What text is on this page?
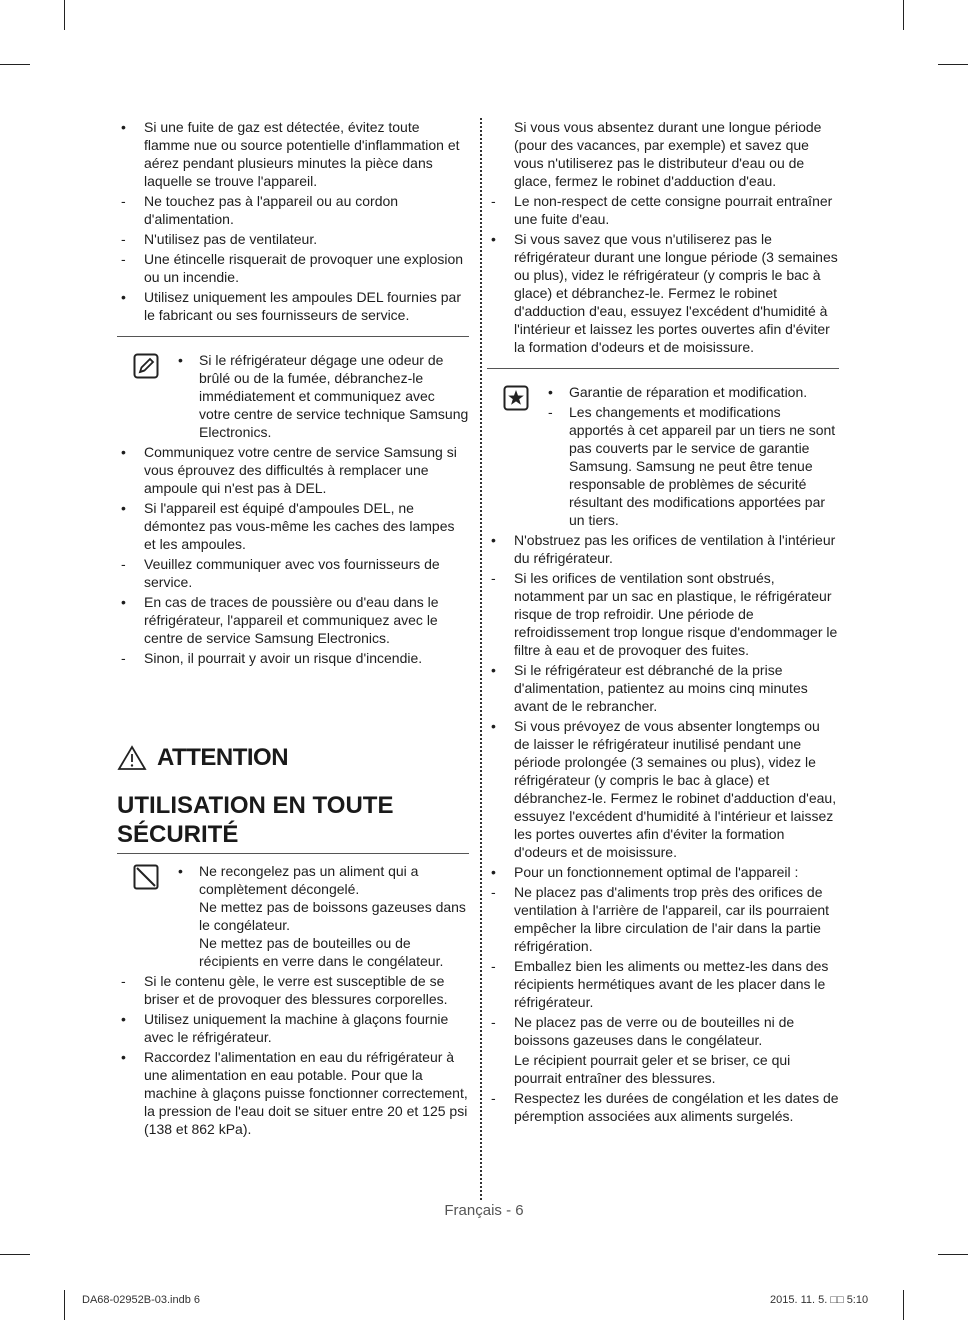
•	Si une fuite de gaz est détectée, évitez toute flamme nue ou source potentielle d'inflammation et aérez pendant plusieurs minutes la pièce dans laquelle se trouve l'appareil.
-	Ne touchez pas à l'appareil ou au cordon d'alimentation.
-	N'utilisez pas de ventilateur.
-	Une étincelle risquerait de provoquer une explosion ou un incendie.
•	Utilisez uniquement les ampoules DEL fournies par le fabricant ou ses fournisseurs de service.
•	Si le réfrigérateur dégage une odeur de brûlé ou de la fumée, débranchez-le immédiatement et communiquez avec votre centre de service technique Samsung Electronics.
•	Communiquez votre centre de service Samsung si vous éprouvez des difficultés à remplacer une ampoule qui n'est pas à DEL.
•	Si l'appareil est équipé d'ampoules DEL, ne démontez pas vous-même les caches des lampes et les ampoules.
-	Veuillez communiquer avec vos fournisseurs de service.
•	En cas de traces de poussière ou d'eau dans le réfrigérateur, l'appareil et communiquez avec le centre de service Samsung Electronics.
-	Sinon, il pourrait y avoir un risque d'incendie.
ATTENTION
UTILISATION EN TOUTE
SÉCURITÉ
•	Ne recongelez pas un aliment qui a complètement décongelé.
Ne mettez pas de boissons gazeuses dans le congélateur.
Ne mettez pas de bouteilles ou de récipients en verre dans le congélateur.
-	Si le contenu gèle, le verre est susceptible de se briser et de provoquer des blessures corporelles.
•	Utilisez uniquement la machine à glaçons fournie avec le réfrigérateur.
•	Raccordez l'alimentation en eau du réfrigérateur à une alimentation en eau potable. Pour que la machine à glaçons puisse fonctionner correctement, la pression de l'eau doit se situer entre 20 et 125 psi (138 et 862 kPa).
Si vous vous absentez durant une longue période (pour des vacances, par exemple) et savez que vous n'utiliserez pas le distributeur d'eau ou de glace, fermez le robinet d'adduction d'eau.
-	Le non-respect de cette consigne pourrait entraîner une fuite d'eau.
•	Si vous savez que vous n'utiliserez pas le réfrigérateur durant une longue période (3 semaines ou plus), videz le réfrigérateur (y compris le bac à glace) et débranchez-le. Fermez le robinet d'adduction d'eau, essuyez l'excédent d'humidité à l'intérieur et laissez les portes ouvertes afin d'éviter la formation d'odeurs et de moisissure.
•	Garantie de réparation et modification.
-	Les changements et modifications apportés à cet appareil par un tiers ne sont pas couverts par le service de garantie Samsung. Samsung ne peut être tenue responsable de problèmes de sécurité résultant des modifications apportées par un tiers.
•	N'obstruez pas les orifices de ventilation à l'intérieur du réfrigérateur.
-	Si les orifices de ventilation sont obstrués, notamment par un sac en plastique, le réfrigérateur risque de trop refroidir. Une période de refroidissement trop longue risque d'endommager le filtre à eau et de provoquer des fuites.
•	Si le réfrigérateur est débranché de la prise d'alimentation, patientez au moins cinq minutes avant de le rebrancher.
•	Si vous prévoyez de vous absenter longtemps ou de laisser le réfrigérateur inutilisé pendant une période prolongée (3 semaines ou plus), videz le réfrigérateur (y compris le bac à glace) et débranchez-le. Fermez le robinet d'adduction d'eau, essuyez l'excédent d'humidité à l'intérieur et laissez les portes ouvertes afin d'éviter la formation d'odeurs et de moisissure.
•	Pour un fonctionnement optimal de l'appareil :
-	Ne placez pas d'aliments trop près des orifices de ventilation à l'arrière de l'appareil, car ils pourraient empêcher la libre circulation de l'air dans la partie réfrigération.
-	Emballez bien les aliments ou mettez-les dans des récipients hermétiques avant de les placer dans le réfrigérateur.
-	Ne placez pas de verre ou de bouteilles ni de boissons gazeuses dans le congélateur.
Le récipient pourrait geler et se briser, ce qui pourrait entraîner des blessures.
-	Respectez les durées de congélation et les dates de péremption associées aux aliments surgelés.
Français - 6
DA68-02952B-03.indb 6	2015. 11. 5. □□ 5:10
